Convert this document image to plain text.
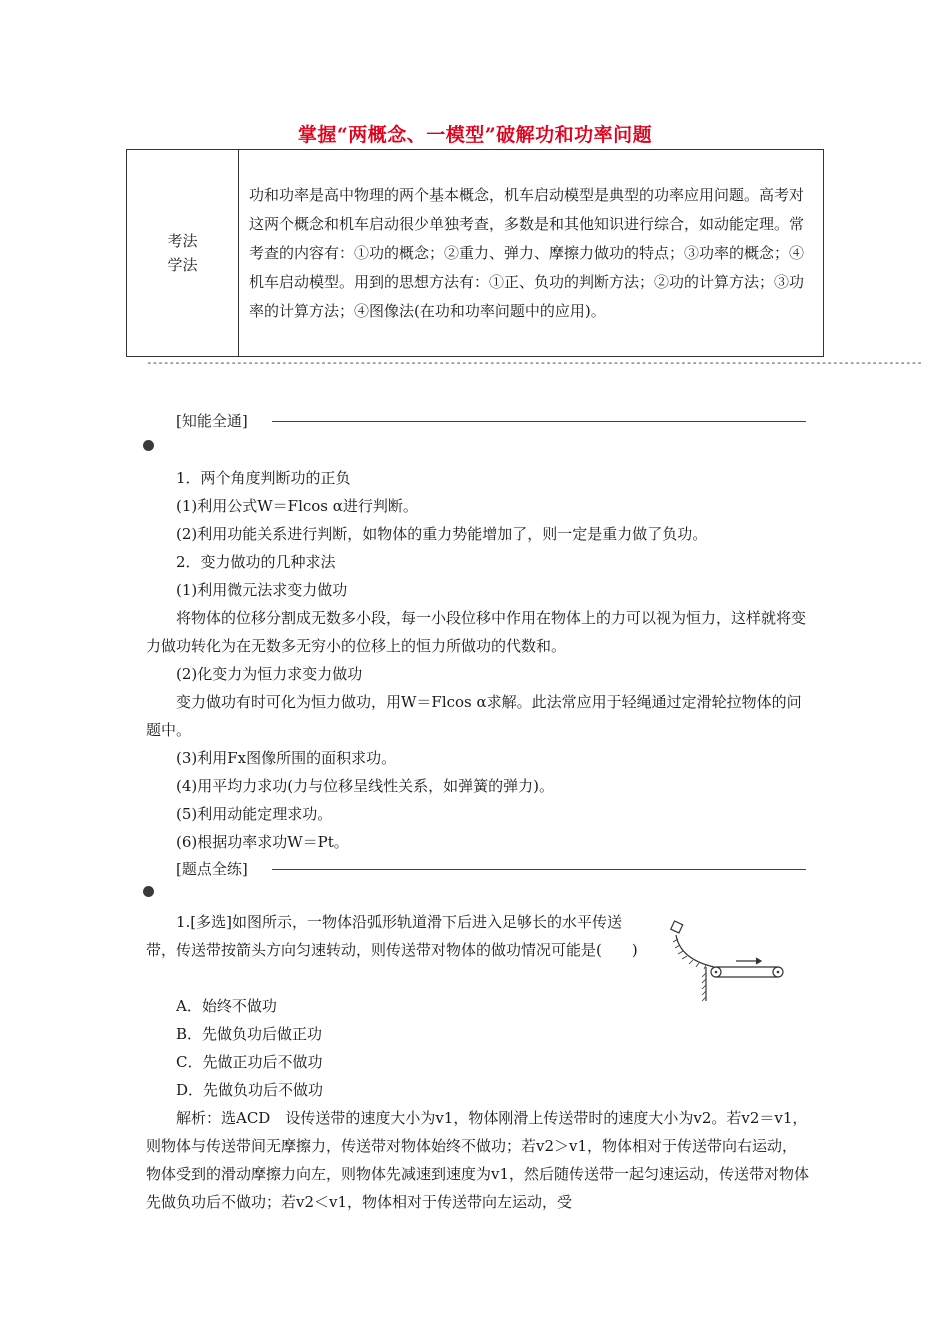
掌握“两概念、一模型”破解功和功率问题
考法
学法
	功和功率是高中物理的两个基本概念，机车启动模型是典型的功率应用问题。高考对这两个概念和机车启动很少单独考查，多数是和其他知识进行综合，如动能定理。常考查的内容有：①功的概念；②重力、弹力、摩擦力做功的特点；③功率的概念；④机车启动模型。用到的思想方法有：①正、负功的判断方法；②功的计算方法；③功率的计算方法；④图像法(在功和功率问题中的应用)。
------------------------------------------------------------------------------------------------------------------------------------------
[知能全通]
1．两个角度判断功的正负
(1)利用公式W＝Flcos α进行判断。
(2)利用功能关系进行判断，如物体的重力势能增加了，则一定是重力做了负功。
2．变力做功的几种求法
(1)利用微元法求变力做功
将物体的位移分割成无数多小段，每一小段位移中作用在物体上的力可以视为恒力，这样就将变力做功转化为在无数多无穷小的位移上的恒力所做功的代数和。
(2)化变力为恒力求变力做功
变力做功有时可化为恒力做功，用W＝Flcos α求解。此法常应用于轻绳通过定滑轮拉物体的问题中。
(3)利用Fx图像所围的面积求功。
(4)用平均力求功(力与位移呈线性关系，如弹簧的弹力)。
(5)利用动能定理求功。
(6)根据功率求功W＝Pt。
[题点全练]
1.[多选]如图所示，一物体沿弧形轨道滑下后进入足够长的水平传送带，传送带按箭头方向匀速转动，则传送带对物体的做功情况可能是(　　)
A．始终不做功
B．先做负功后做正功
C．先做正功后不做功
D．先做负功后不做功
解析：选ACD　设传送带的速度大小为v1，物体刚滑上传送带时的速度大小为v2。若v2＝v1，则物体与传送带间无摩擦力，传送带对物体始终不做功；若v2＞v1，物体相对于传送带向右运动，物体受到的滑动摩擦力向左，则物体先减速到速度为v1，然后随传送带一起匀速运动，传送带对物体先做负功后不做功；若v2＜v1，物体相对于传送带向左运动，受
